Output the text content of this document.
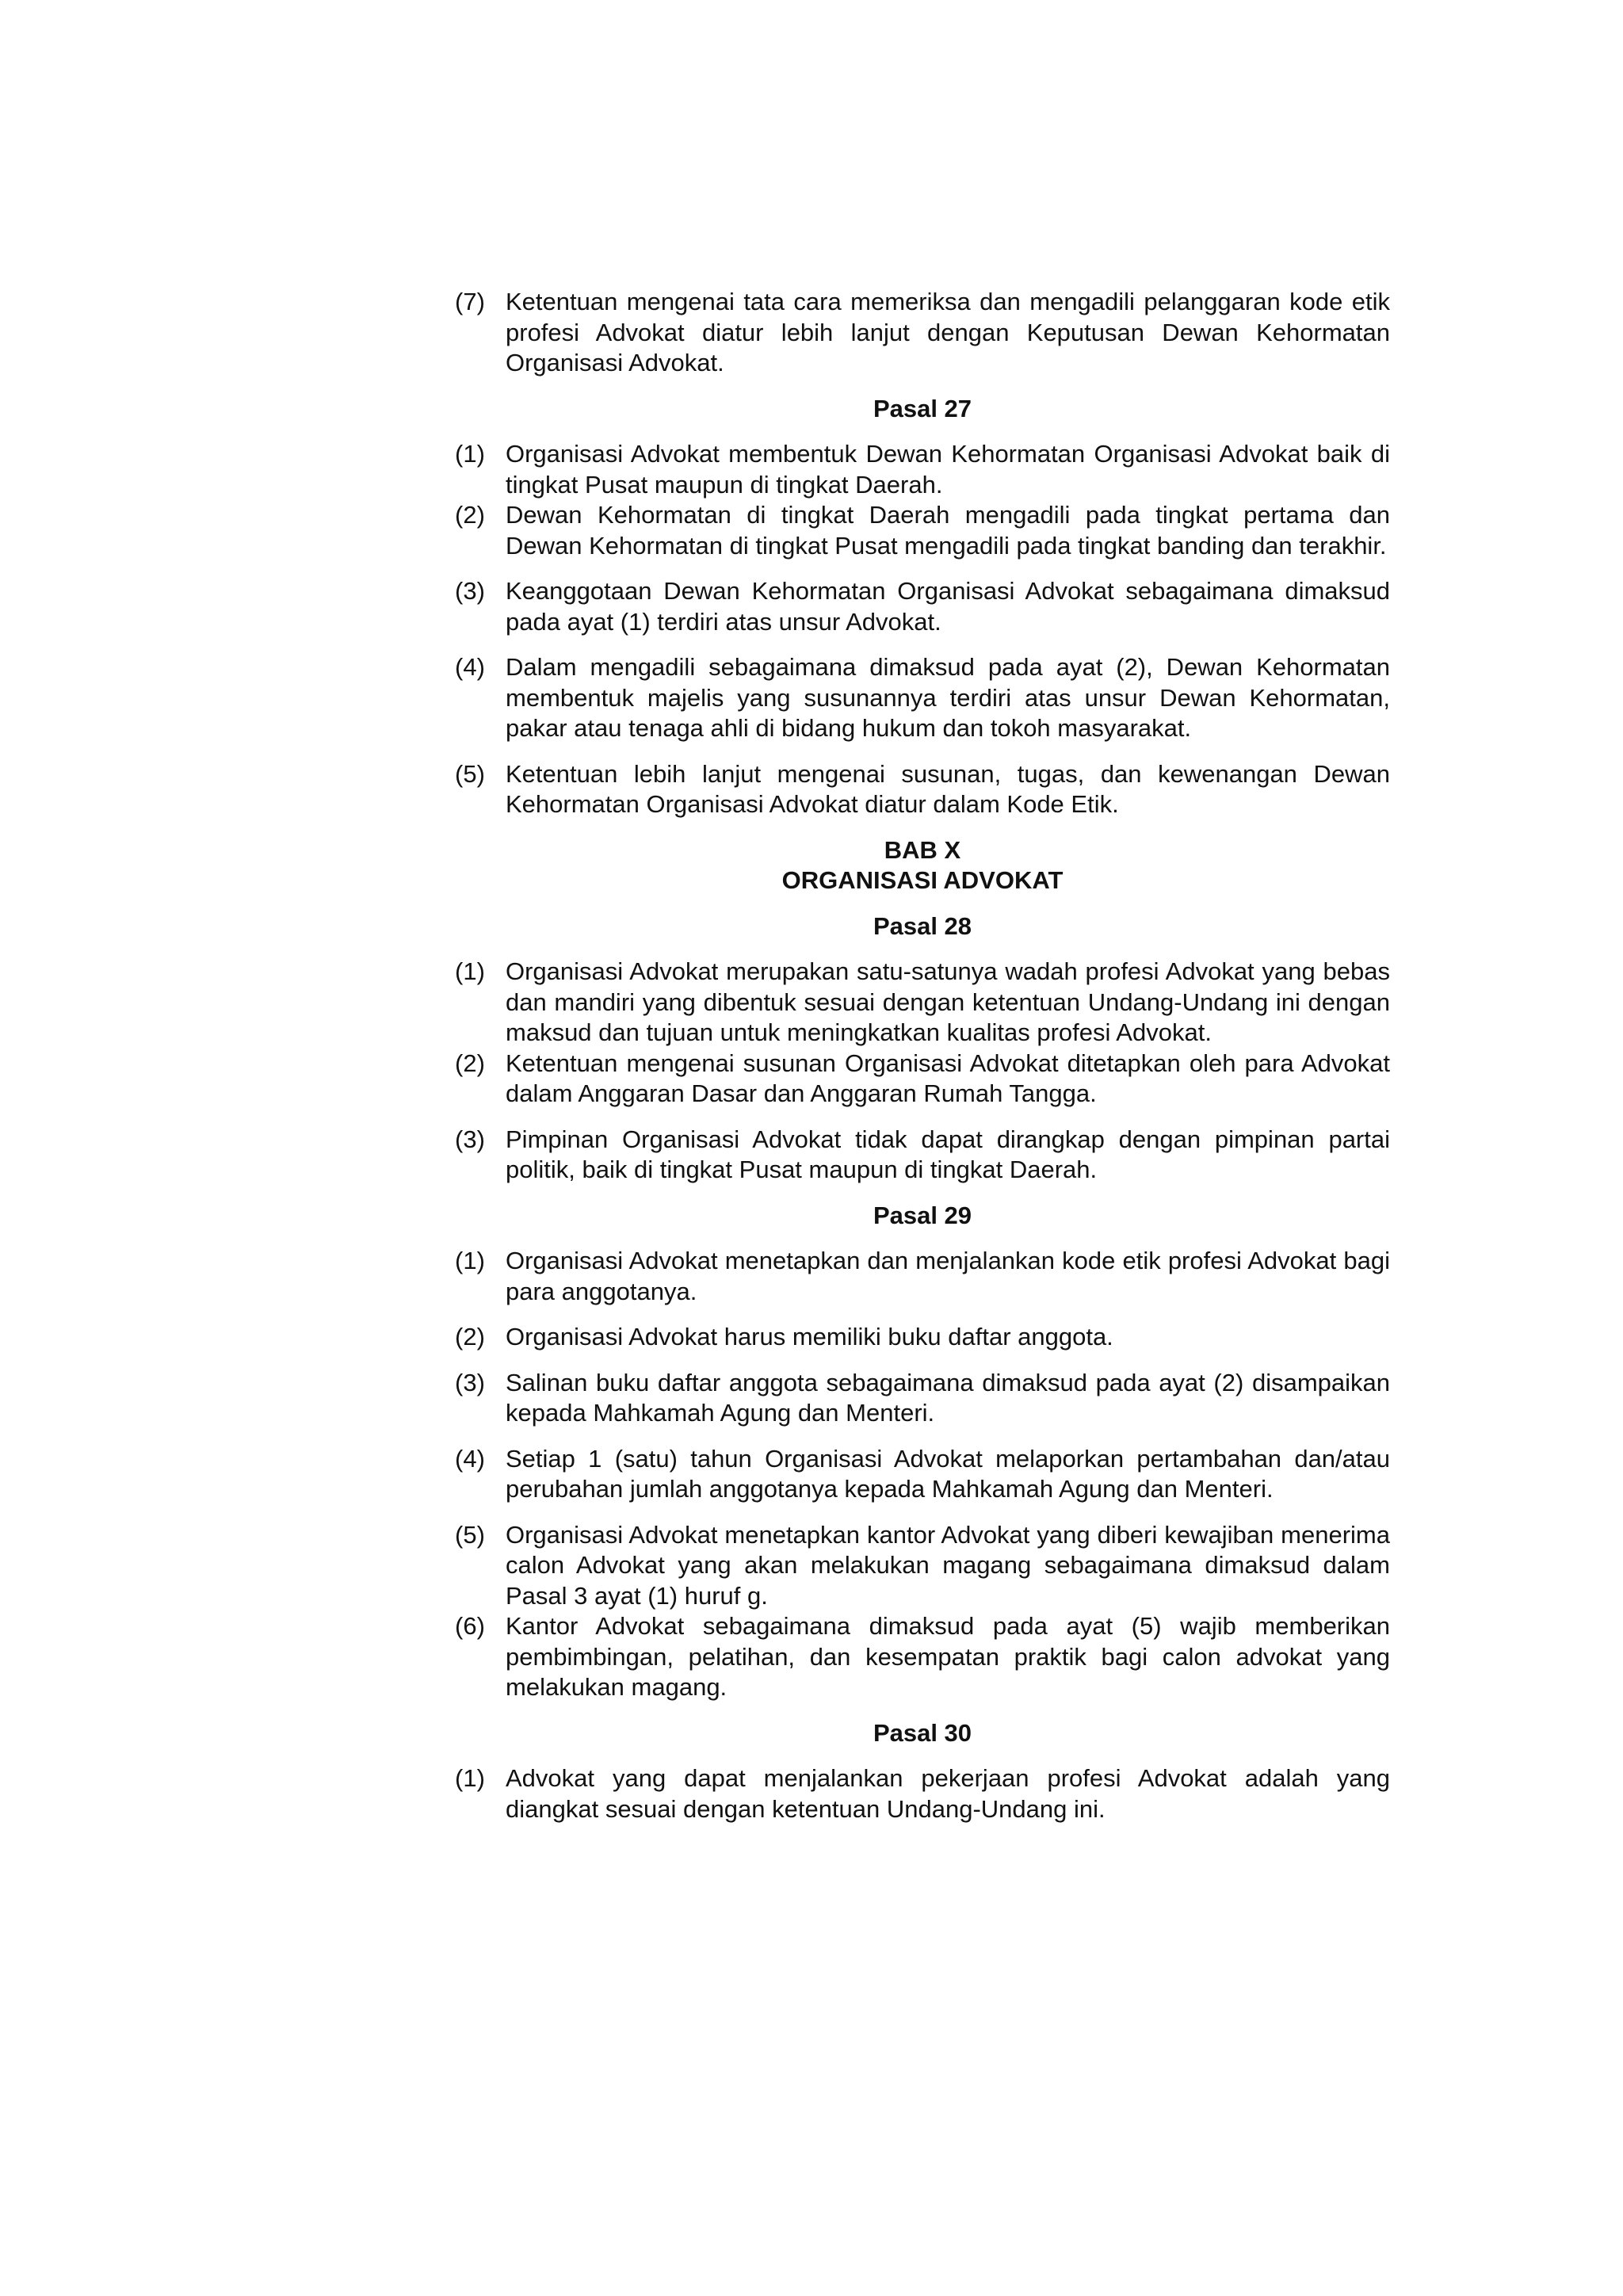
(7) Ketentuan mengenai tata cara memeriksa dan mengadili pelanggaran kode etik profesi Advokat diatur lebih lanjut dengan Keputusan Dewan Kehormatan Organisasi Advokat.

Pasal 27

(1) Organisasi Advokat membentuk Dewan Kehormatan Organisasi Advokat baik di tingkat Pusat maupun di tingkat Daerah.

(2) Dewan Kehormatan di tingkat Daerah mengadili pada tingkat pertama dan Dewan Kehormatan di tingkat Pusat mengadili pada tingkat banding dan terakhir.

(3) Keanggotaan Dewan Kehormatan Organisasi Advokat sebagaimana dimaksud pada ayat (1) terdiri atas unsur Advokat.

(4) Dalam mengadili sebagaimana dimaksud pada ayat (2), Dewan Kehormatan membentuk majelis yang susunannya terdiri atas unsur Dewan Kehormatan, pakar atau tenaga ahli di bidang hukum dan tokoh masyarakat.

(5) Ketentuan lebih lanjut mengenai susunan, tugas, dan kewenangan Dewan Kehormatan Organisasi Advokat diatur dalam Kode Etik.

BAB X

ORGANISASI ADVOKAT

Pasal 28

(1) Organisasi Advokat merupakan satu-satunya wadah profesi Advokat yang bebas dan mandiri yang dibentuk sesuai dengan ketentuan Undang-Undang ini dengan maksud dan tujuan untuk meningkatkan kualitas profesi Advokat.

(2) Ketentuan mengenai susunan Organisasi Advokat ditetapkan oleh para Advokat dalam Anggaran Dasar dan Anggaran Rumah Tangga.

(3) Pimpinan Organisasi Advokat tidak dapat dirangkap dengan pimpinan partai politik, baik di tingkat Pusat maupun di tingkat Daerah.

Pasal 29

(1) Organisasi Advokat menetapkan dan menjalankan kode etik profesi Advokat bagi para anggotanya.

(2) Organisasi Advokat harus memiliki buku daftar anggota.

(3) Salinan buku daftar anggota sebagaimana dimaksud pada ayat (2) disampaikan kepada Mahkamah Agung dan Menteri.

(4) Setiap 1 (satu) tahun Organisasi Advokat melaporkan pertambahan dan/atau perubahan jumlah anggotanya kepada Mahkamah Agung dan Menteri.

(5) Organisasi Advokat menetapkan kantor Advokat yang diberi kewajiban menerima calon Advokat yang akan melakukan magang sebagaimana dimaksud dalam Pasal 3 ayat (1) huruf g.

(6) Kantor Advokat sebagaimana dimaksud pada ayat (5) wajib memberikan pembimbingan, pelatihan, dan kesempatan praktik bagi calon advokat yang melakukan magang.

Pasal 30

(1) Advokat yang dapat menjalankan pekerjaan profesi Advokat adalah yang diangkat sesuai dengan ketentuan Undang-Undang ini.
